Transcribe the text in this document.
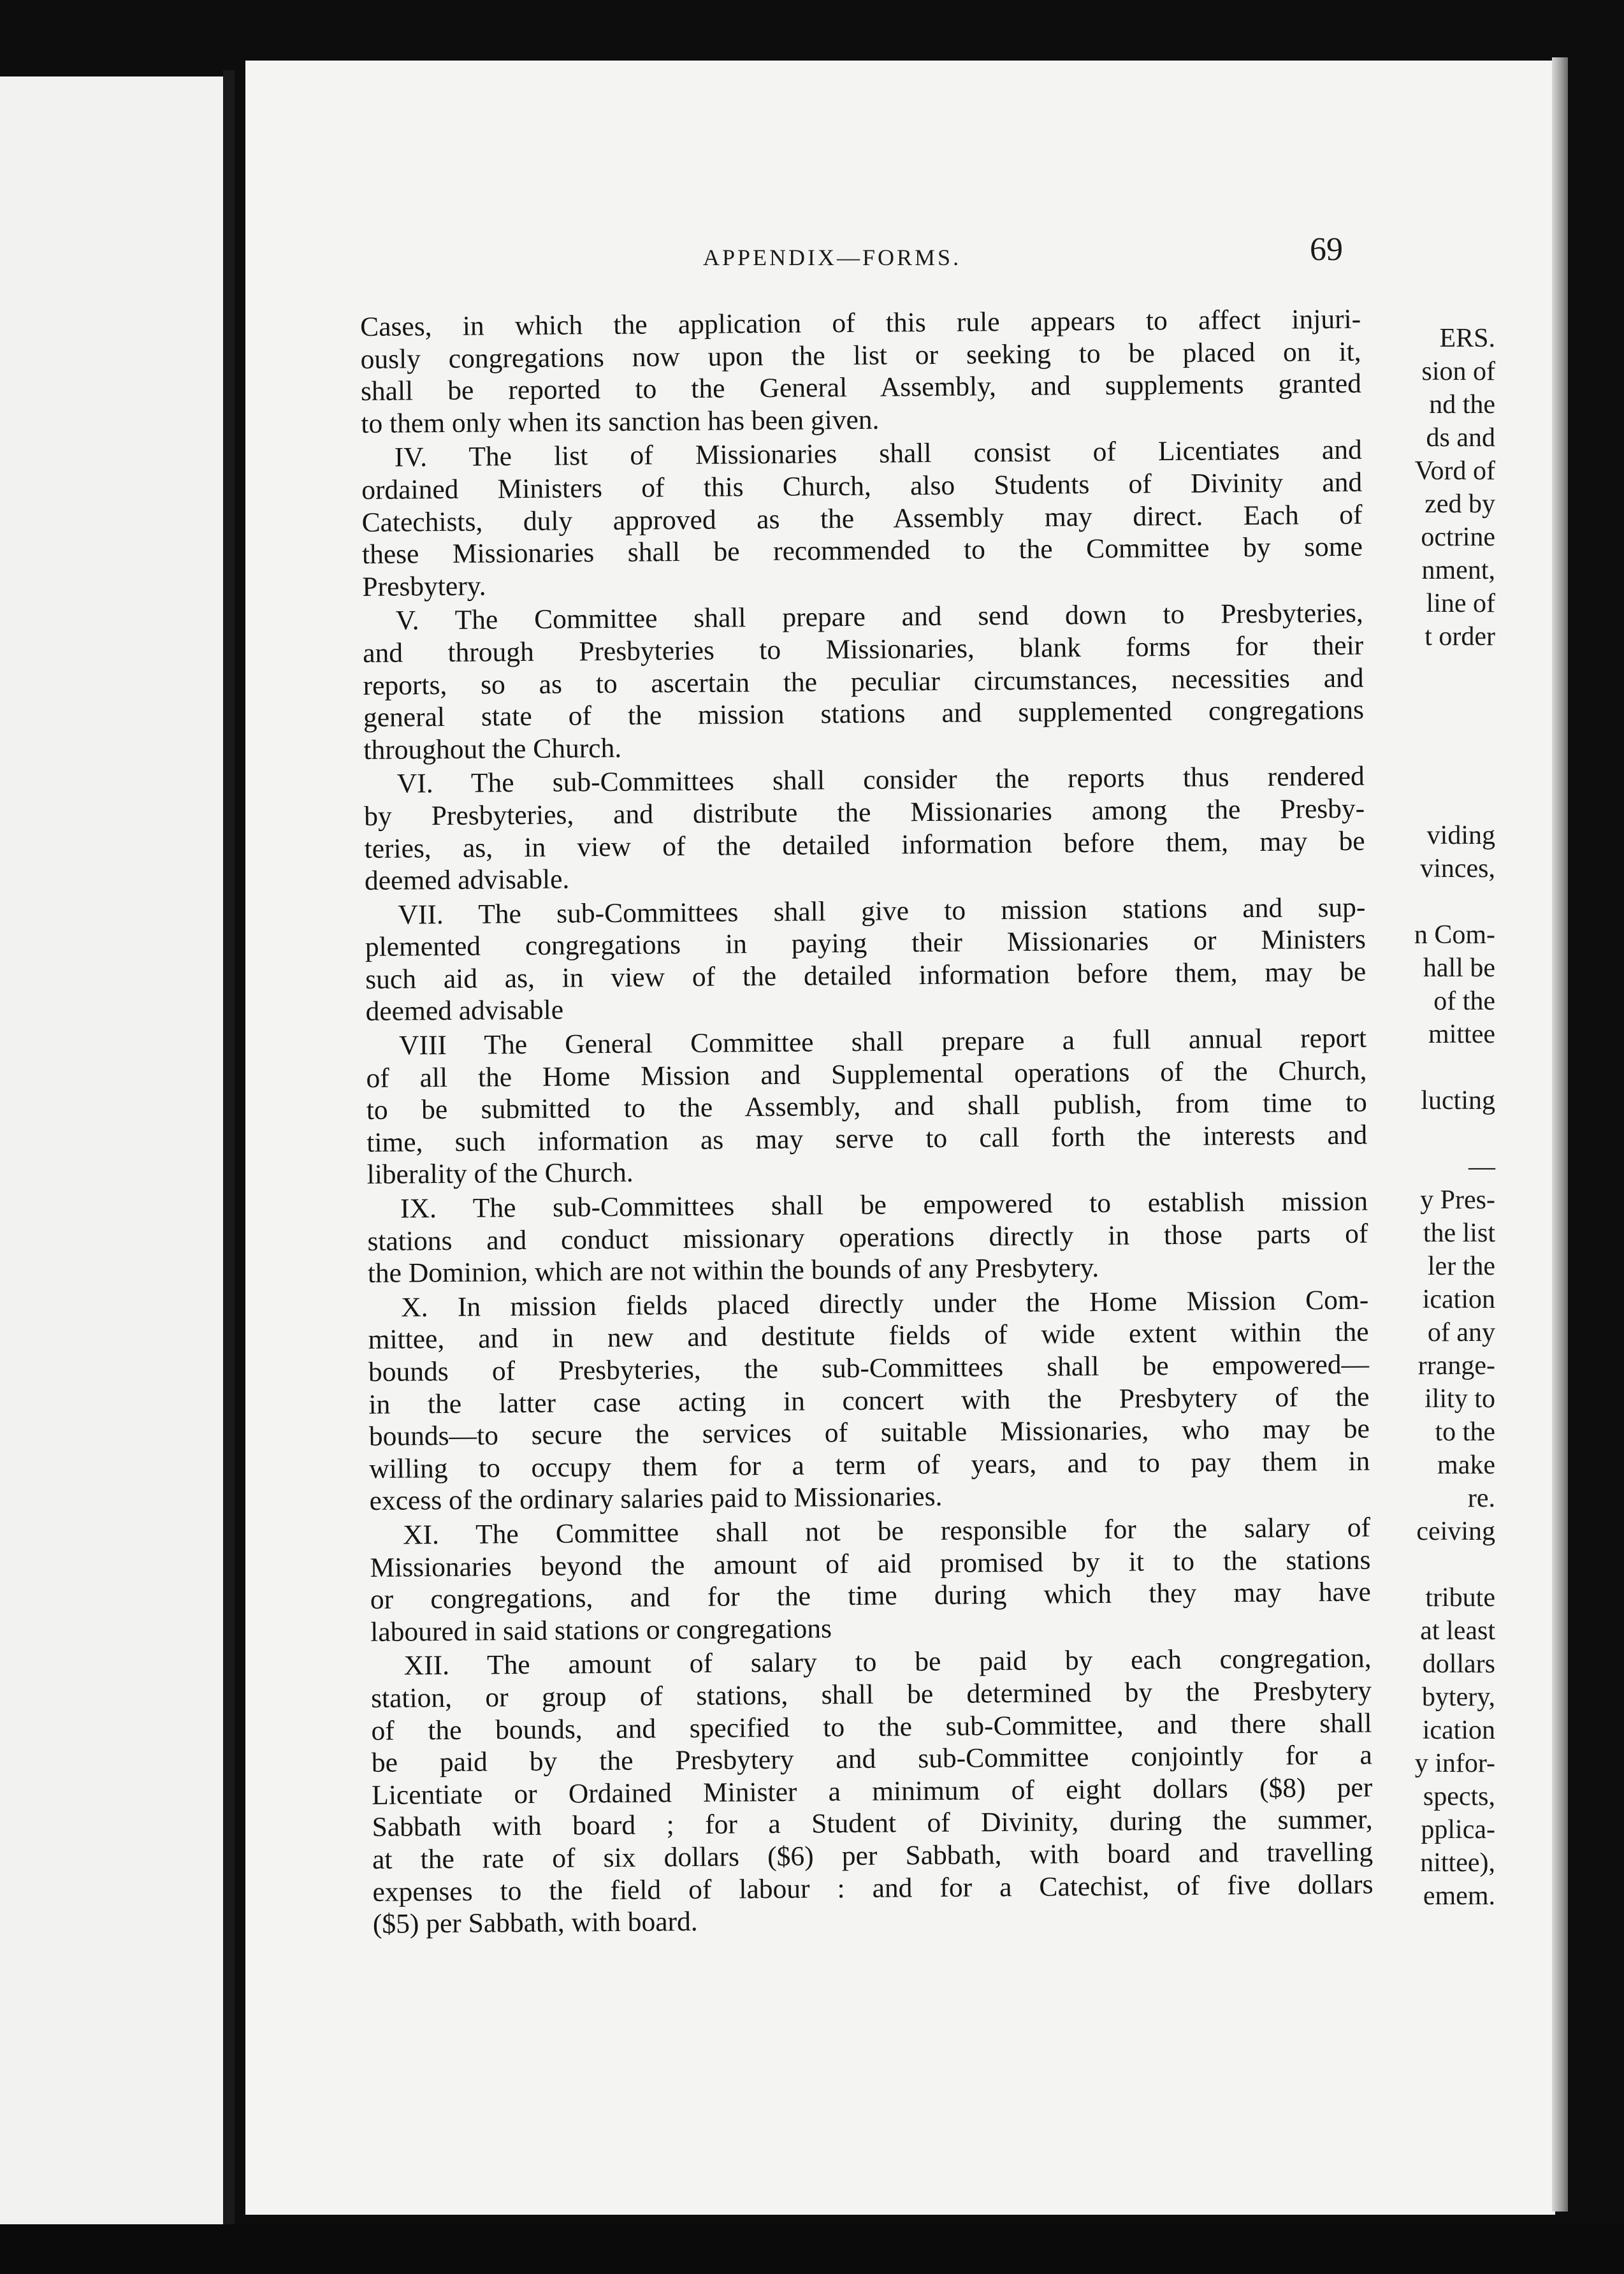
ERS.
sion of
nd the
ds and
Vord of
zed by
octrine
nment,
line of
t order

viding
vinces,

n Com-
hall be
of the
mittee

lucting

—
y Pres-
the list
ler the
ication
of any
rrange-
ility to
to the
make
re.
ceiving

tribute
at least
dollars
bytery,
ication
y infor-
spects,
pplica-
nittee),
emem.
APPENDIX—FORMS.	69
Cases, in which the application of this rule appears to affect injuri-
ously congregations now upon the list or seeking to be placed on it,
shall be reported to the General Assembly, and supplements granted
to them only when its sanction has been given.
IV. The list of Missionaries shall consist of Licentiates and
ordained Ministers of this Church, also Students of Divinity and
Catechists, duly approved as the Assembly may direct. Each of
these Missionaries shall be recommended to the Committee by some
Presbytery.
V. The Committee shall prepare and send down to Presbyteries,
and through Presbyteries to Missionaries, blank forms for their
reports, so as to ascertain the peculiar circumstances, necessities and
general state of the mission stations and supplemented congregations
throughout the Church.
VI. The sub-Committees shall consider the reports thus rendered
by Presbyteries, and distribute the Missionaries among the Presby-
teries, as, in view of the detailed information before them, may be
deemed advisable.
VII. The sub-Committees shall give to mission stations and sup-
plemented congregations in paying their Missionaries or Ministers
such aid as, in view of the detailed information before them, may be
deemed advisable
VIII The General Committee shall prepare a full annual report
of all the Home Mission and Supplemental operations of the Church,
to be submitted to the Assembly, and shall publish, from time to
time, such information as may serve to call forth the interests and
liberality of the Church.
IX. The sub-Committees shall be empowered to establish mission
stations and conduct missionary operations directly in those parts of
the Dominion, which are not within the bounds of any Presbytery.
X. In mission fields placed directly under the Home Mission Com-
mittee, and in new and destitute fields of wide extent within the
bounds of Presbyteries, the sub-Committees shall be empowered—
in the latter case acting in concert with the Presbytery of the
bounds—to secure the services of suitable Missionaries, who may be
willing to occupy them for a term of years, and to pay them in
excess of the ordinary salaries paid to Missionaries.
XI. The Committee shall not be responsible for the salary of
Missionaries beyond the amount of aid promised by it to the stations
or congregations, and for the time during which they may have
laboured in said stations or congregations
XII. The amount of salary to be paid by each congregation,
station, or group of stations, shall be determined by the Presbytery
of the bounds, and specified to the sub-Committee, and there shall
be paid by the Presbytery and sub-Committee conjointly for a
Licentiate or Ordained Minister a minimum of eight dollars ($8) per
Sabbath with board ; for a Student of Divinity, during the summer,
at the rate of six dollars ($6) per Sabbath, with board and travelling
expenses to the field of labour : and for a Catechist, of five dollars
($5) per Sabbath, with board.
